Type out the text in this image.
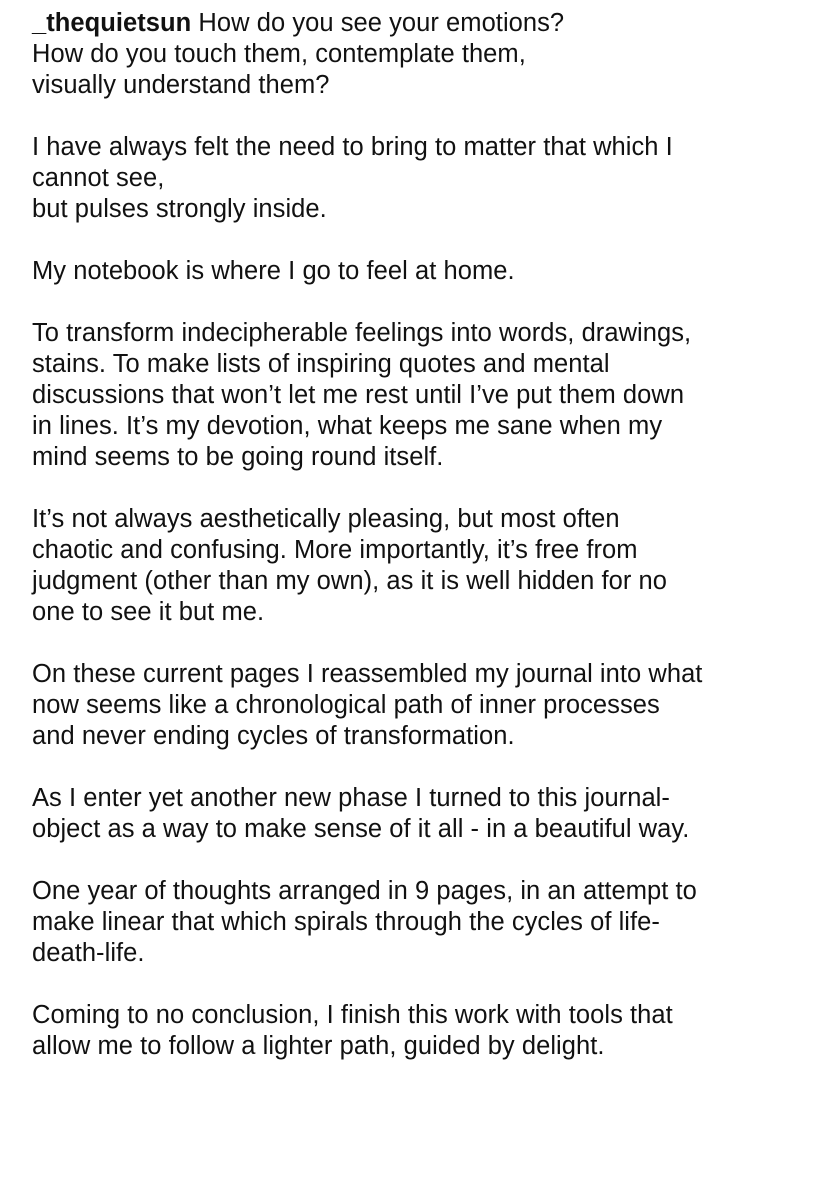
_thequietsun How do you see your emotions?
How do you touch them, contemplate them,
visually understand them?

I have always felt the need to bring to matter that which I
cannot see,
but pulses strongly inside.

My notebook is where I go to feel at home.

To transform indecipherable feelings into words, drawings,
stains. To make lists of inspiring quotes and mental
discussions that won’t let me rest until I’ve put them down
in lines. It’s my devotion, what keeps me sane when my
mind seems to be going round itself.

It’s not always aesthetically pleasing, but most often
chaotic and confusing. More importantly, it’s free from
judgment (other than my own), as it is well hidden for no
one to see it but me.

On these current pages I reassembled my journal into what
now seems like a chronological path of inner processes
and never ending cycles of transformation.

As I enter yet another new phase I turned to this journal-
object as a way to make sense of it all - in a beautiful way.

One year of thoughts arranged in 9 pages, in an attempt to
make linear that which spirals through the cycles of life-
death-life.

Coming to no conclusion, I finish this work with tools that
allow me to follow a lighter path, guided by delight.
